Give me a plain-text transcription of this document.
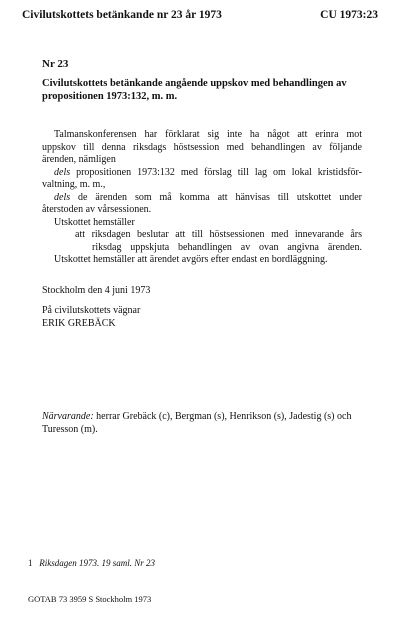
Civilutskottets betänkande nr 23 år 1973	CU 1973:23
Nr 23
Civilutskottets betänkande angående uppskov med behandlingen av
propositionen 1973:132, m. m.
Talmanskonferensen har förklarat sig inte ha något att erinra mot
uppskov till denna riksdags höstsession med behandlingen av följande
ärenden, nämligen
dels propositionen 1973:132 med förslag till lag om lokal kristidsför-
valtning, m. m.,
dels de ärenden som må komma att hänvisas till utskottet under
återstoden av vårsessionen.
Utskottet hemställer
att riksdagen beslutar att till höstsessionen med innevarande års
riksdag uppskjuta behandlingen av ovan angivna ärenden.
Utskottet hemställer att ärendet avgörs efter endast en bordläggning.
Stockholm den 4 juni 1973
På civilutskottets vägnar
ERIK GREBÄCK
Närvarande: herrar Grebäck (c), Bergman (s), Henrikson (s), Jadestig (s) och Turesson (m).
1 Riksdagen 1973. 19 saml. Nr 23
GOTAB 73 3959 S Stockholm 1973
